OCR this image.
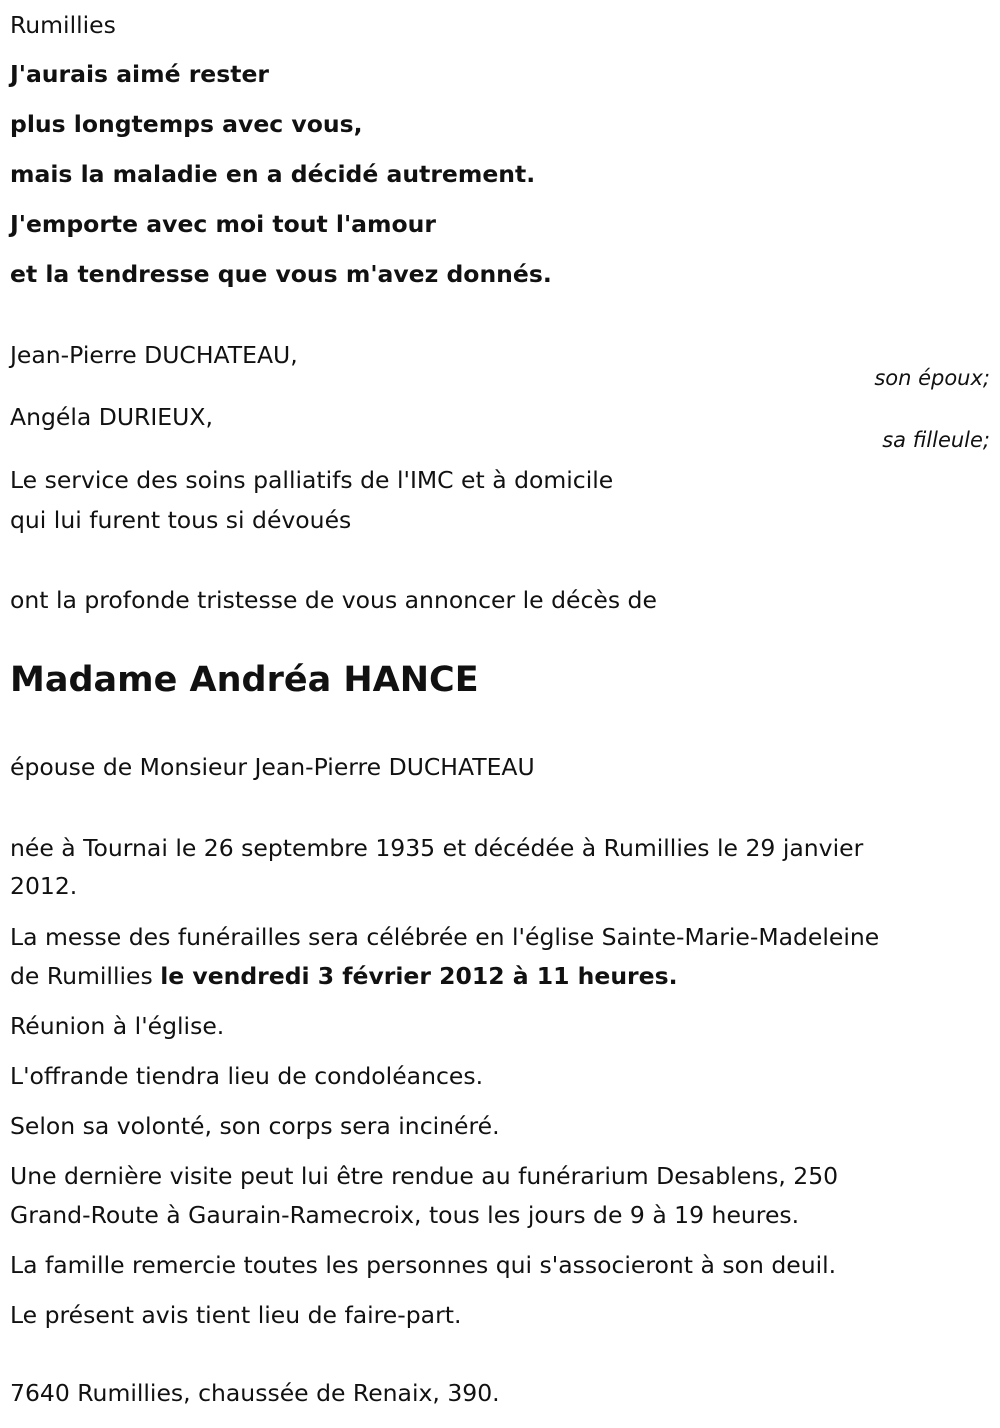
Rumillies
J'aurais aimé rester
plus longtemps avec vous,
mais la maladie en a décidé autrement.
J'emporte avec moi tout l'amour
et la tendresse que vous m'avez donnés.
Jean-Pierre DUCHATEAU,
son époux;
Angéla DURIEUX,
sa filleule;
Le service des soins palliatifs de l'IMC et à domicile
qui lui furent tous si dévoués
ont la profonde tristesse de vous annoncer le décès de
Madame Andréa HANCE
épouse de Monsieur Jean-Pierre DUCHATEAU
née à Tournai le 26 septembre 1935 et décédée à Rumillies le 29 janvier
2012.
La messe des funérailles sera célébrée en l'église Sainte-Marie-Madeleine
de Rumillies le vendredi 3 février 2012 à 11 heures.
Réunion à l'église.
L'offrande tiendra lieu de condoléances.
Selon sa volonté, son corps sera incinéré.
Une dernière visite peut lui être rendue au funérarium Desablens, 250
Grand-Route à Gaurain-Ramecroix, tous les jours de 9 à 19 heures.
La famille remercie toutes les personnes qui s'associeront à son deuil.
Le présent avis tient lieu de faire-part.
7640 Rumillies, chaussée de Renaix, 390.
